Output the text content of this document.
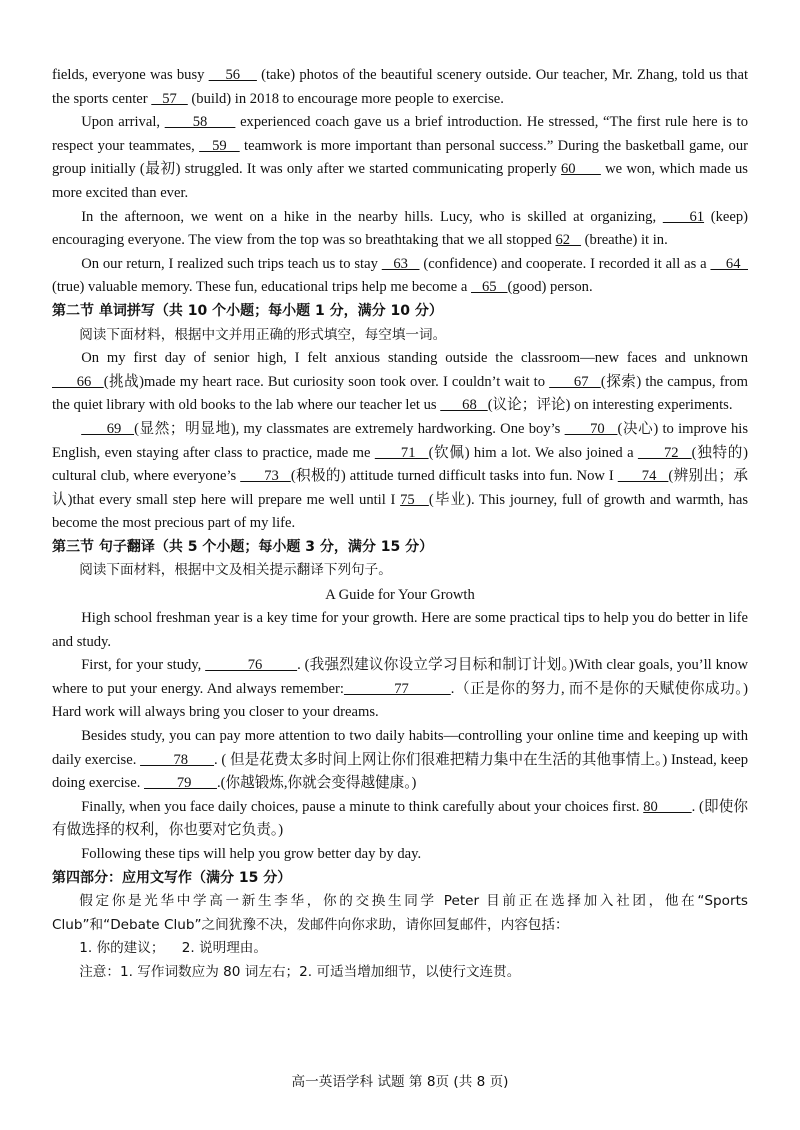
fields, everyone was busy     56     (take) photos of the beautiful scenery outside. Our teacher, Mr. Zhang, told us that the sports center    57    (build) in 2018 to encourage more people to exercise.

Upon arrival,       58       experienced coach gave us a brief introduction. He stressed, “The first rule here is to respect your teammates,    59    teamwork is more important than personal success.” During the basketball game, our group initially (最初) struggled. It was only after we started communicating properly 60       we won, which made us more excited than ever.

In the afternoon, we went on a hike in the nearby hills. Lucy, who is skilled at organizing,     61 (keep) encouraging everyone. The view from the top was so breathtaking that we all stopped 62    (breathe) it in.

On our return, I realized such trips teach us to stay    63    (confidence) and cooperate. I recorded it all as a     64   (true) valuable memory. These fun, educational trips help me become a    65   (good) person.

第二节 单词拼写（共 10 个小题；每小题 1 分，满分 10 分）

阅读下面材料，根据中文并用正确的形式填空，每空填一词。

On my first day of senior high, I felt anxious standing outside the classroom—new faces and unknown       66   (挑战)made my heart race. But curiosity soon took over. I couldn’t wait to       67   (探索) the campus, from the quiet library with old books to the lab where our teacher let us       68   (议论；评论) on interesting experiments.

69   (显然；明显地), my classmates are extremely hardworking. One boy’s       70   (决心) to improve his English, even staying after class to practice, made me       71   (钦佩) him a lot. We also joined a       72   (独特的) cultural club, where everyone’s       73   (积极的) attitude turned difficult tasks into fun. Now I       74   (辨别出；承认)that every small step here will prepare me well until I 75   (毕业). This journey, full of growth and warmth, has become the most precious part of my life.

第三节 句子翻译（共 5 个小题；每小题 3 分，满分 15 分）

阅读下面材料，根据中文及相关提示翻译下列句子。

A Guide for Your Growth

High school freshman year is a key time for your growth. Here are some practical tips to help you do better in life and study.

First, for your study,            76         . (我强烈建议你设立学习目标和制订计划。)With clear goals, you’ll know where to put your energy. And always remember:            77          .（正是你的努力, 而不是你的天赋使你成功。) Hard work will always bring you closer to your dreams.

Besides study, you can pay more attention to two daily habits—controlling your online time and keeping up with daily exercise.          78       . ( 但是花费太多时间上网让你们很难把精力集中在生活的其他事情上。) Instead, keep doing exercise.          79       .(你越锻炼,你就会变得越健康。)

Finally, when you face daily choices, pause a minute to think carefully about your choices first. 80         . (即使你有做选择的权利，你也要对它负责。)

Following these tips will help you grow better day by day.

第四部分：应用文写作（满分 15 分）

假定你是光华中学高一新生李华，你的交换生同学 Peter 目前正在选择加入社团，他在“Sports Club”和“Debate Club”之间犹豫不决，发邮件向你求助，请你回复邮件，内容包括：

1. 你的建议；    2. 说明理由。

注意：1. 写作词数应为 80 词左右；2. 可适当增加细节，以使行文连贯。

高一英语学科 试题 第 8页 (共 8 页)
